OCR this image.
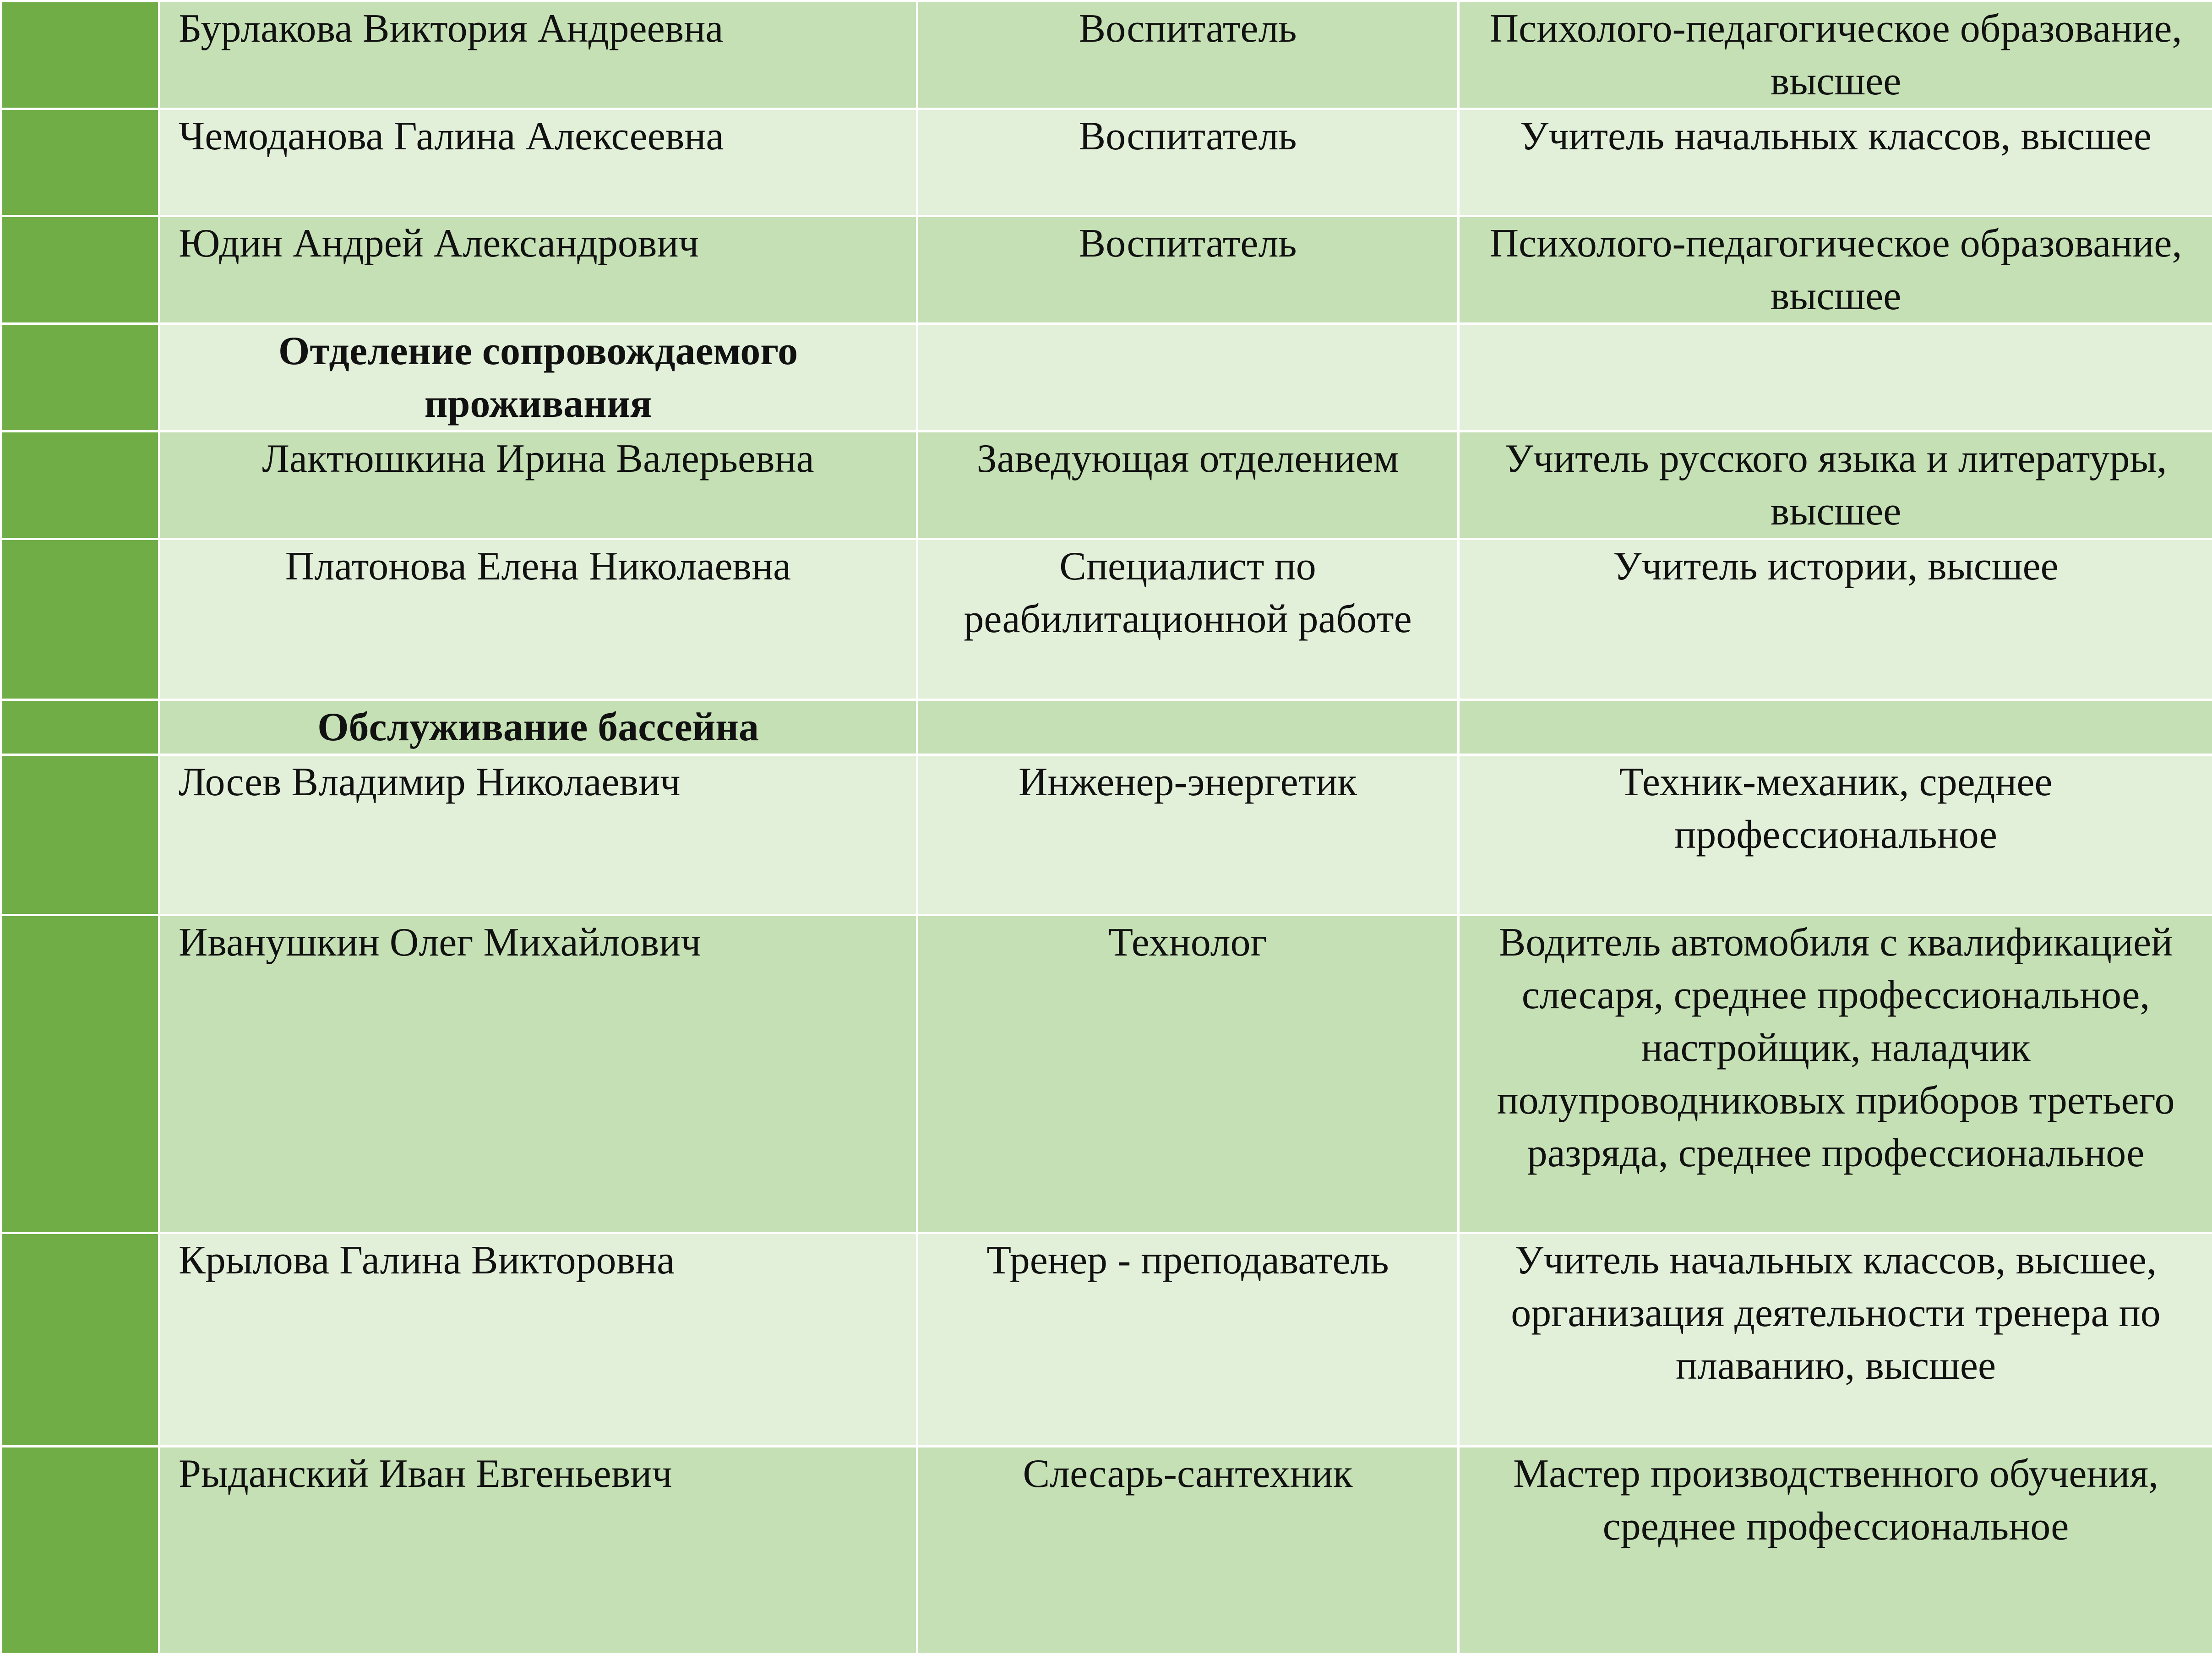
	Бурлакова Виктория Андреевна	Воспитатель	Психолого-педагогическое образование, высшее
	Чемоданова Галина Алексеевна	Воспитатель	Учитель начальных классов, высшее
	Юдин Андрей Александрович	Воспитатель	Психолого-педагогическое образование, высшее
	Отделение сопровождаемого проживания		
	Лактюшкина Ирина Валерьевна	Заведующая отделением	Учитель русского языка и литературы, высшее
	Платонова Елена Николаевна	Специалист по реабилитационной работе	Учитель истории, высшее
	Обслуживание бассейна		
	Лосев Владимир Николаевич	Инженер-энергетик	Техник-механик, среднее профессиональное
	Иванушкин Олег Михайлович	Технолог	Водитель автомобиля с квалификацией слесаря, среднее профессиональное, настройщик, наладчик полупроводниковых приборов третьего разряда, среднее профессиональное
	Крылова Галина Викторовна	Тренер - преподаватель	Учитель начальных классов, высшее, организация деятельности тренера по плаванию, высшее
	Рыданский Иван Евгеньевич	Слесарь-сантехник	Мастер производственного обучения, среднее профессиональное
